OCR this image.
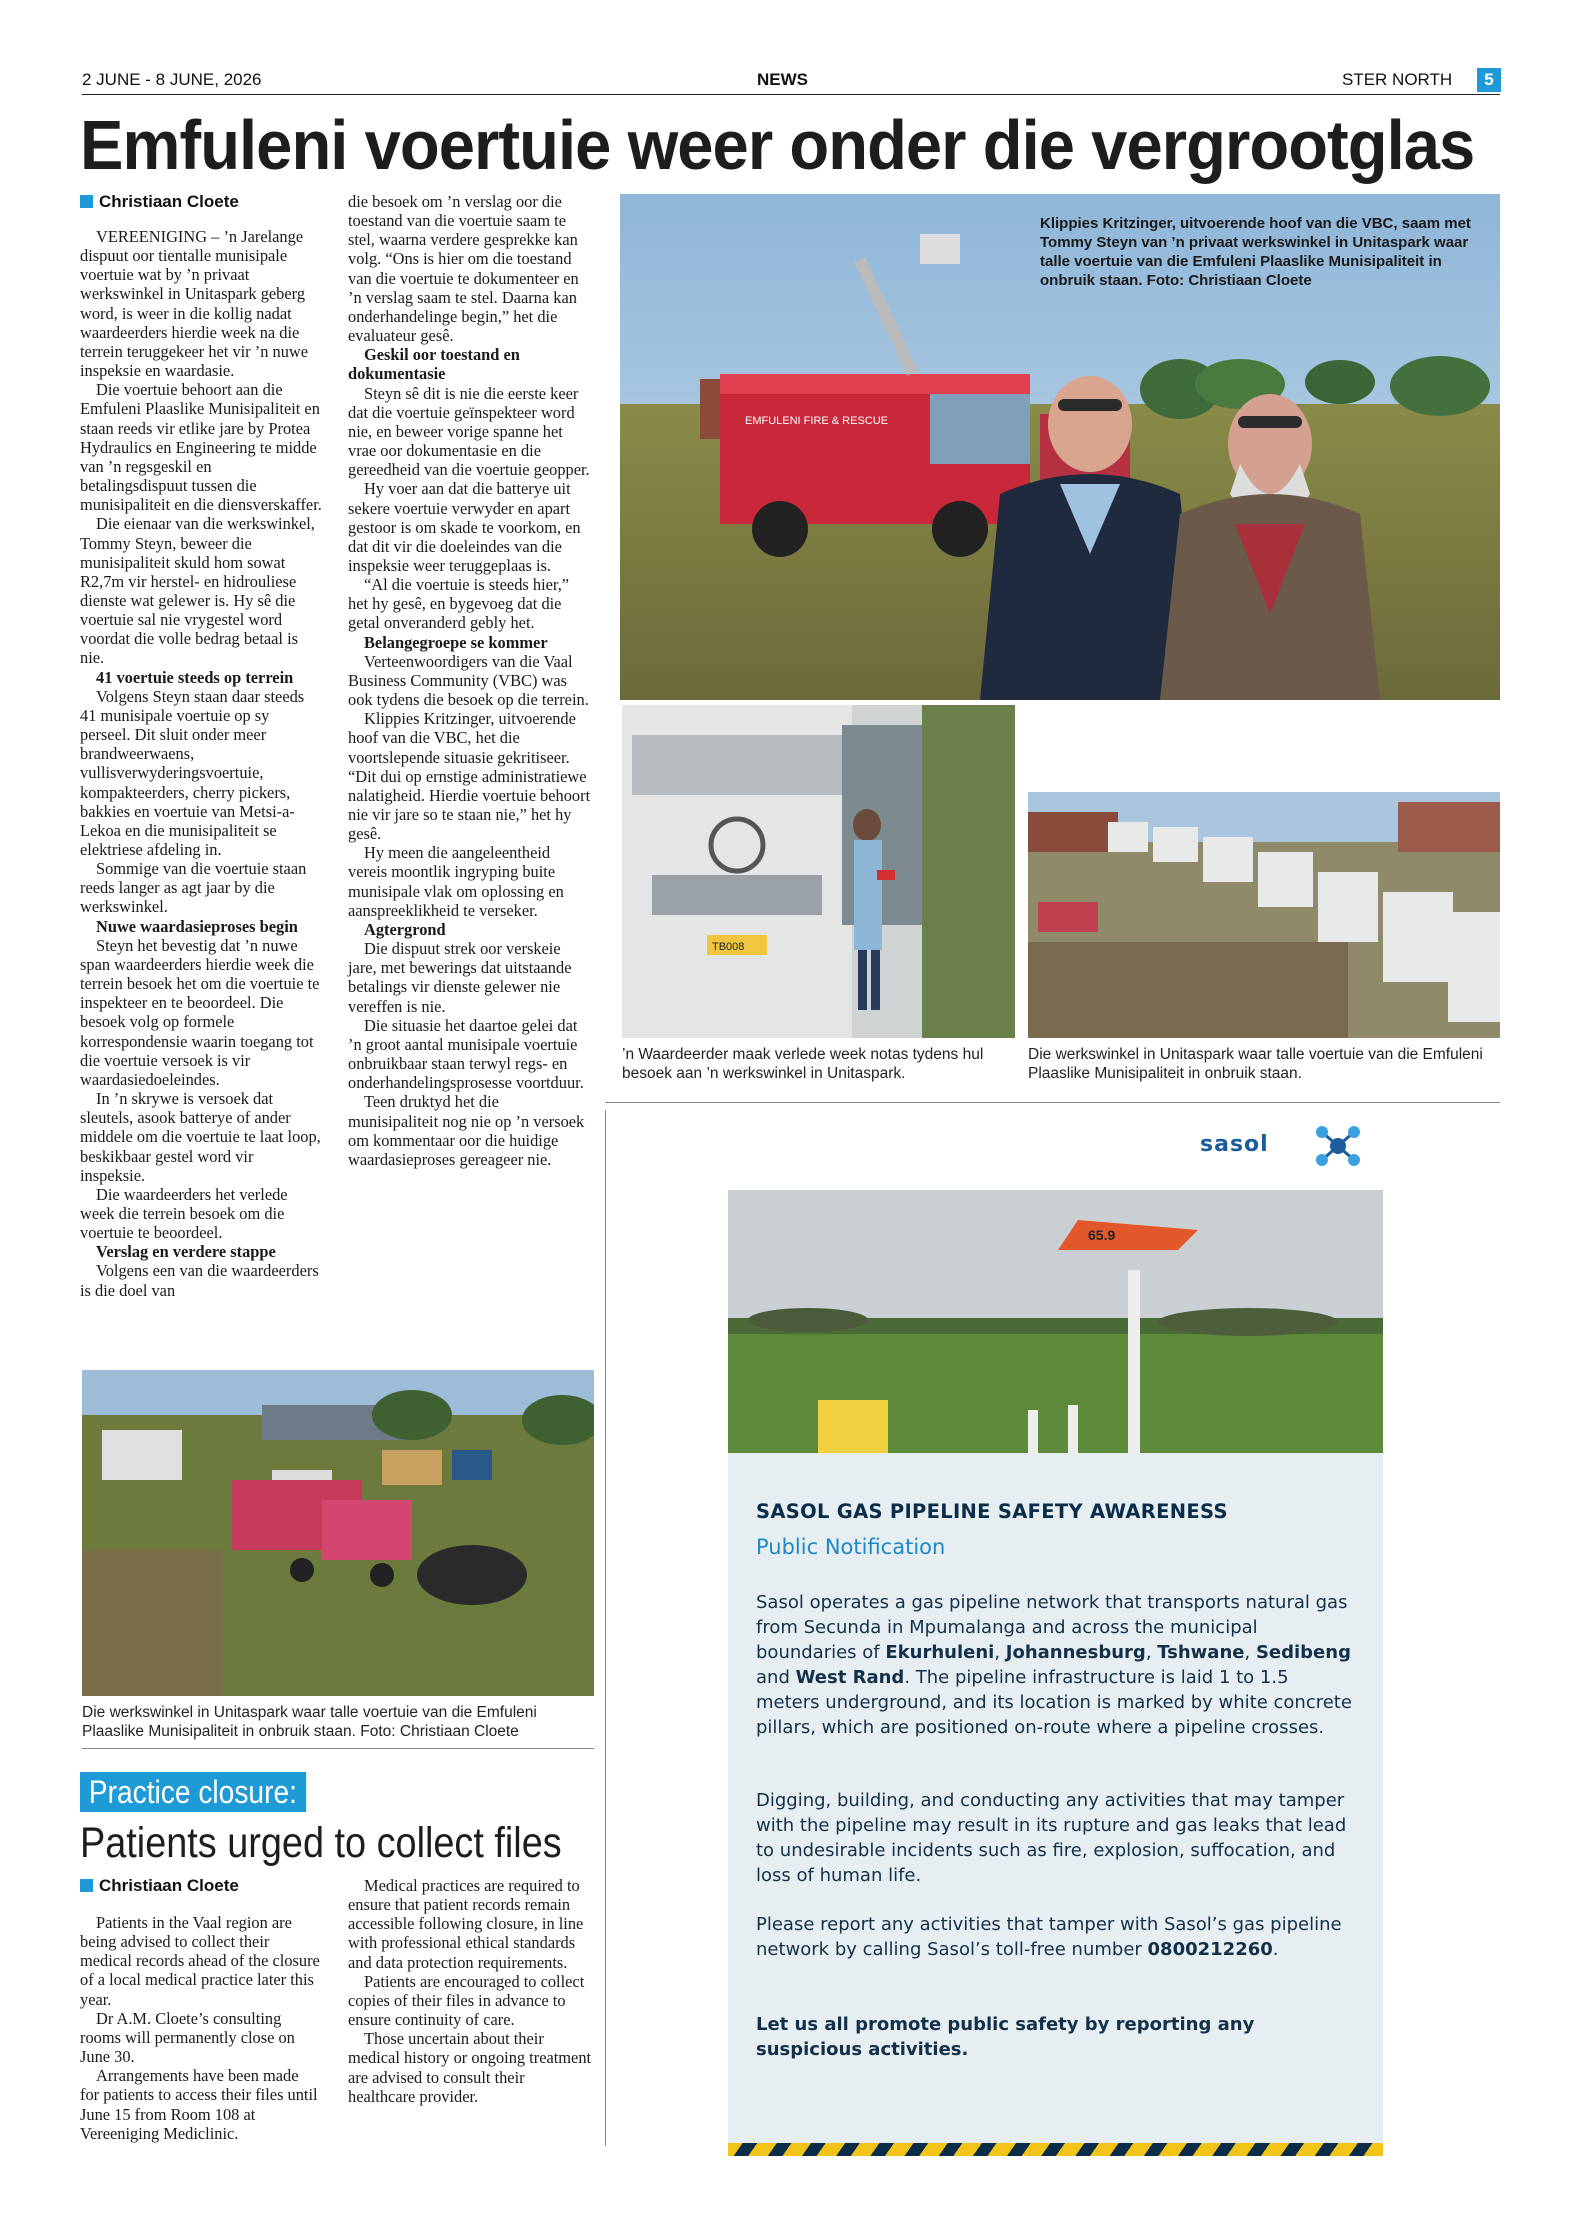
2 JUNE - 8 JUNE, 2026	NEWS	STER NORTH	5
Emfuleni voertuie weer onder die vergrootglas
Christiaan Cloete

VEREENIGING – ’n Jarelange dispuut oor tientalle munisipale voertuie wat by ’n privaat werkswinkel in Unitaspark geberg word, is weer in die kollig nadat waardeerders hierdie week na die terrein teruggekeer het vir ’n nuwe inspeksie en waardasie.

Die voertuie behoort aan die Emfuleni Plaaslike Munisipaliteit en staan reeds vir etlike jare by Protea Hydraulics en Engineering te midde van ’n regsgeskil en betalingsdispuut tussen die munisipaliteit en die diensverskaffer.

Die eienaar van die werkswinkel, Tommy Steyn, beweer die munisipaliteit skuld hom sowat R2,7m vir herstel- en hidrouliese dienste wat gelewer is. Hy sê die voertuie sal nie vrygestel word voordat die volle bedrag betaal is nie.

41 voertuie steeds op terrein

Volgens Steyn staan daar steeds 41 munisipale voertuie op sy perseel. Dit sluit onder meer brandweerwaens, vullisverwyderingsvoertuie, kompakteerders, cherry pickers, bakkies en voertuie van Metsi-a-Lekoa en die munisipaliteit se elektriese afdeling in.

Sommige van die voertuie staan reeds langer as agt jaar by die werkswinkel.

Nuwe waardasieproses begin

Steyn het bevestig dat ’n nuwe span waardeerders hierdie week die terrein besoek het om die voertuie te inspekteer en te beoordeel. Die besoek volg op formele korrespondensie waarin toegang tot die voertuie versoek is vir waardasiedoeleindes.

In ’n skrywe is versoek dat sleutels, asook batterye of ander middele om die voertuie te laat loop, beskikbaar gestel word vir inspeksie.

Die waardeerders het verlede week die terrein besoek om die voertuie te beoordeel.

Verslag en verdere stappe

Volgens een van die waardeerders is die doel van

die besoek om ’n verslag oor die toestand van die voertuie saam te stel, waarna verdere gesprekke kan volg. “Ons is hier om die toestand van die voertuie te dokumenteer en ’n verslag saam te stel. Daarna kan onderhandelinge begin,” het die evaluateur gesê.

Geskil oor toestand en dokumentasie

Steyn sê dit is nie die eerste keer dat die voertuie geïnspekteer word nie, en beweer vorige spanne het vrae oor dokumentasie en die gereedheid van die voertuie geopper.

Hy voer aan dat die batterye uit sekere voertuie verwyder en apart gestoor is om skade te voorkom, en dat dit vir die doeleindes van die inspeksie weer teruggeplaas is.

“Al die voertuie is steeds hier,” het hy gesê, en bygevoeg dat die getal onveranderd gebly het.

Belangegroepe se kommer

Verteenwoordigers van die Vaal Business Community (VBC) was ook tydens die besoek op die terrein.

Klippies Kritzinger, uitvoerende hoof van die VBC, het die voortslepende situasie gekritiseer. “Dit dui op ernstige administratiewe nalatigheid. Hierdie voertuie behoort nie vir jare so te staan nie,” het hy gesê.

Hy meen die aangeleentheid vereis moontlik ingryping buite munisipale vlak om oplossing en aanspreeklikheid te verseker.

Agtergrond

Die dispuut strek oor verskeie jare, met bewerings dat uitstaande betalings vir dienste gelewer nie vereffen is nie.

Die situasie het daartoe gelei dat ’n groot aantal munisipale voertuie onbruikbaar staan terwyl regs- en onderhandelingsprosesse voortduur.

Teen druktyd het die munisipaliteit nog nie op ’n versoek om kommentaar oor die huidige waardasieproses gereageer nie.

EMFULENI FIRE & RESCUE
Klippies Kritzinger, uitvoerende hoof van die VBC, saam met Tommy Steyn van ’n privaat werkswinkel in Unitaspark waar talle voertuie van die Emfuleni Plaaslike Munisipaliteit in onbruik staan. Foto: Christiaan Cloete
TB008
’n Waardeerder maak verlede week notas tydens hul besoek aan ’n werkswinkel in Unitaspark.
Die werkswinkel in Unitaspark waar talle voertuie van die Emfuleni Plaaslike Munisipaliteit in onbruik staan.
Die werkswinkel in Unitaspark waar talle voertuie van die Emfuleni Plaaslike Munisipaliteit in onbruik staan. Foto: Christiaan Cloete
Practice closure:
Patients urged to collect files
Christiaan Cloete

Patients in the Vaal region are being advised to collect their medical records ahead of the closure of a local medical practice later this year.

Dr A.M. Cloete’s consulting rooms will permanently close on June 30.

Arrangements have been made for patients to access their files until June 15 from Room 108 at Vereeniging Mediclinic.

Medical practices are required to ensure that patient records remain accessible following closure, in line with professional ethical standards and data protection requirements.

Patients are encouraged to collect copies of their files in advance to ensure continuity of care.

Those uncertain about their medical history or ongoing treatment are advised to consult their healthcare provider.

sasol
65.9
SASOL GAS PIPELINE SAFETY AWARENESS
Public Notification
Sasol operates a gas pipeline network that transports natural gas from Secunda in Mpumalanga and across the municipal boundaries of Ekurhuleni, Johannesburg, Tshwane, Sedibeng and West Rand. The pipeline infrastructure is laid 1 to 1.5 meters underground, and its location is marked by white concrete pillars, which are positioned on-route where a pipeline crosses.
Digging, building, and conducting any activities that may tamper with the pipeline may result in its rupture and gas leaks that lead to undesirable incidents such as fire, explosion, suffocation, and loss of human life.
Please report any activities that tamper with Sasol’s gas pipeline network by calling Sasol’s toll-free number 0800212260.
Let us all promote public safety by reporting any suspicious activities.
